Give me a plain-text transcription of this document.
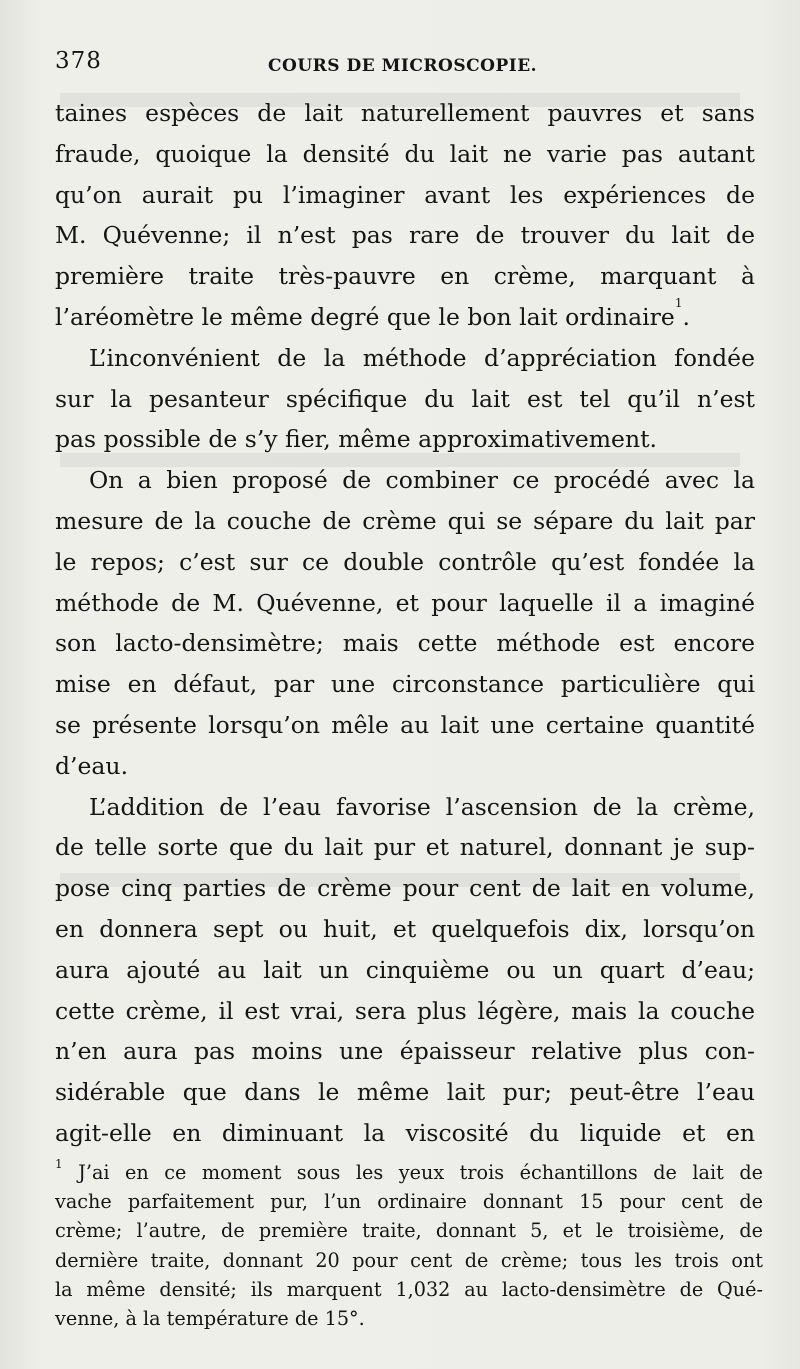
378	COURS DE MICROSCOPIE.
taines espèces de lait naturellement pauvres et sans
fraude, quoique la densité du lait ne varie pas autant
qu’on aurait pu l’imaginer avant les expériences de
M. Quévenne; il n’est pas rare de trouver du lait de
première traite très-pauvre en crème, marquant à
l’aréomètre le même degré que le bon lait ordinaire$^1$.
L’inconvénient de la méthode d’appréciation fondée
sur la pesanteur spécifique du lait est tel qu’il n’est
pas possible de s’y fier, même approximativement.
On a bien proposé de combiner ce procédé avec la
mesure de la couche de crème qui se sépare du lait par
le repos; c’est sur ce double contrôle qu’est fondée la
méthode de M. Quévenne, et pour laquelle il a imaginé
son lacto-densimètre; mais cette méthode est encore
mise en défaut, par une circonstance particulière qui
se présente lorsqu’on mêle au lait une certaine quantité
d’eau.
L’addition de l’eau favorise l’ascension de la crème,
de telle sorte que du lait pur et naturel, donnant je sup-
pose cinq parties de crème pour cent de lait en volume,
en donnera sept ou huit, et quelquefois dix, lorsqu’on
aura ajouté au lait un cinquième ou un quart d’eau;
cette crème, il est vrai, sera plus légère, mais la couche
n’en aura pas moins une épaisseur relative plus con-
sidérable que dans le même lait pur; peut-être l’eau
agit-elle en diminuant la viscosité du liquide et en
$^1$ J’ai en ce moment sous les yeux trois échantillons de lait de
vache parfaitement pur, l’un ordinaire donnant 15 pour cent de
crème; l’autre, de première traite, donnant 5, et le troisième, de
dernière traite, donnant 20 pour cent de crème; tous les trois ont
la même densité; ils marquent 1,032 au lacto-densimètre de Qué-
venne, à la température de 15°.
